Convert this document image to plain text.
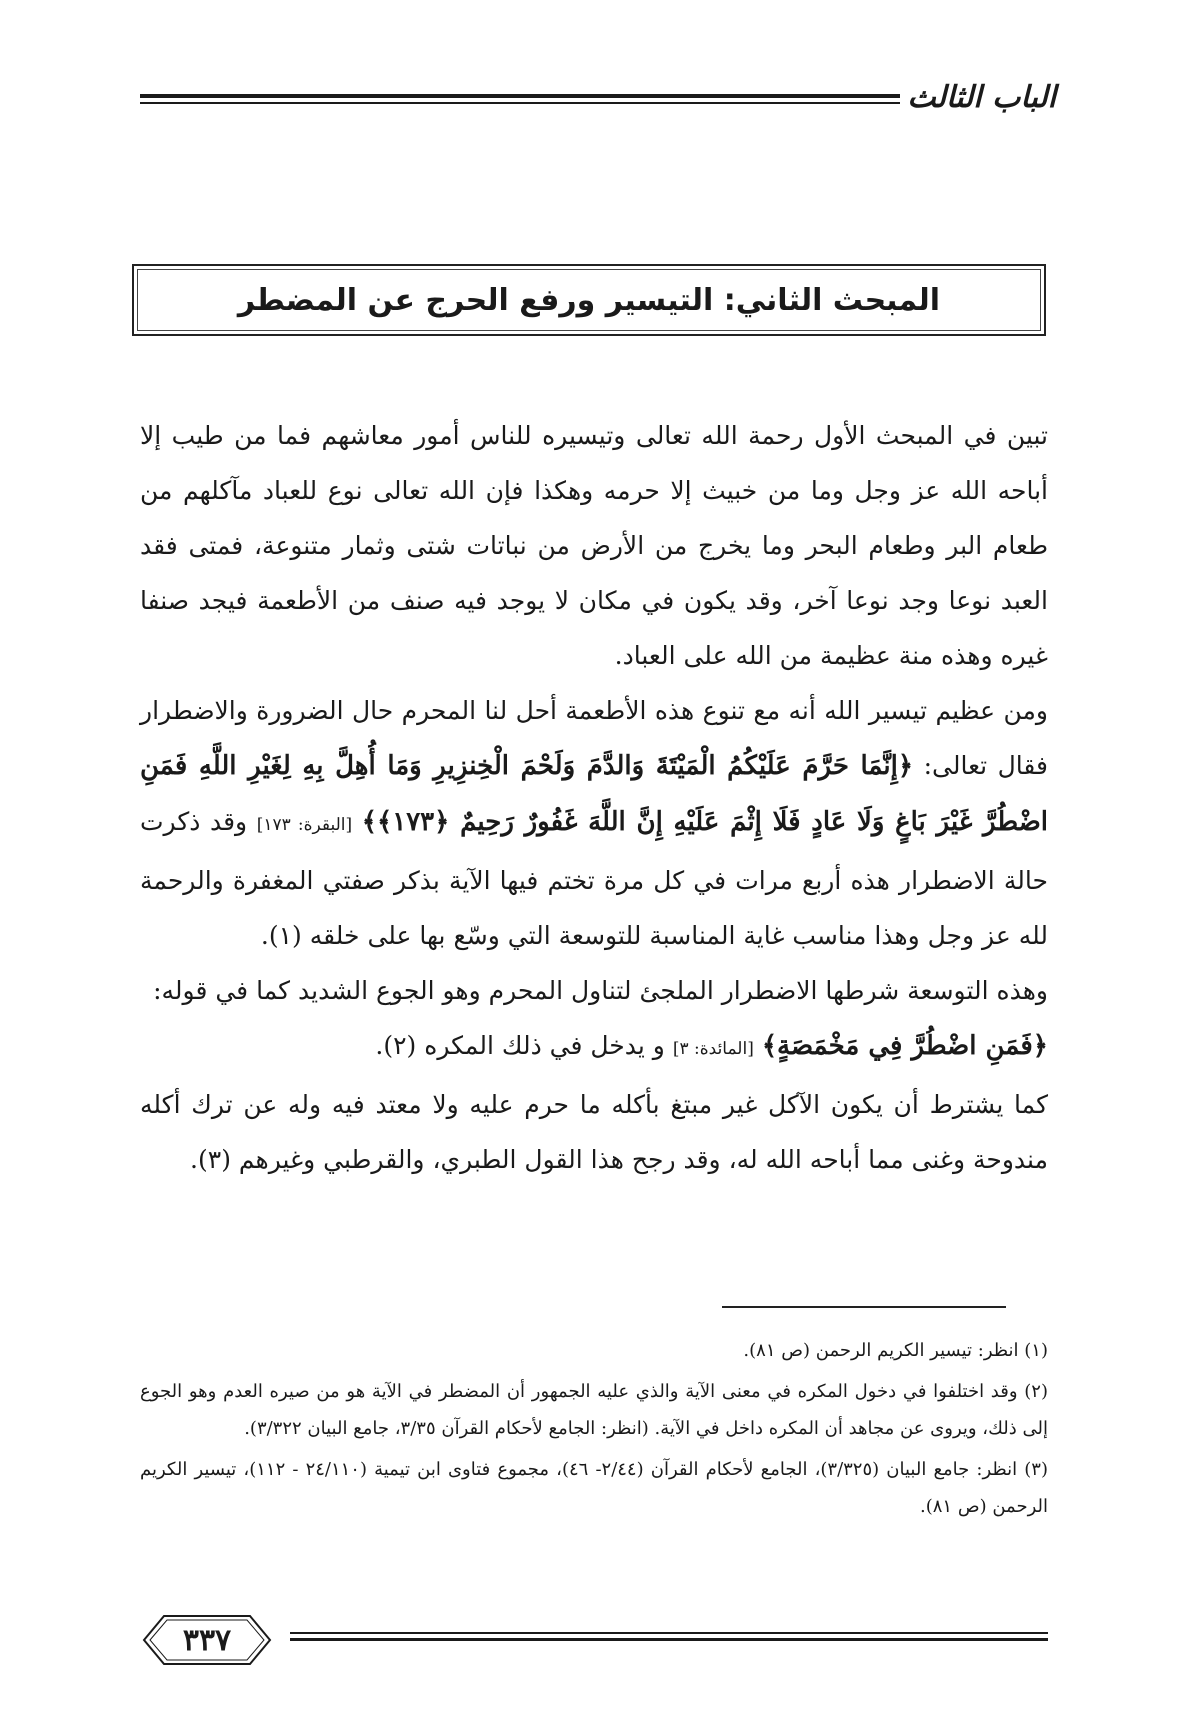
الباب الثالث
المبحث الثاني: التيسير ورفع الحرج عن المضطر

تبين في المبحث الأول رحمة الله تعالى وتيسيره للناس أمور معاشهم فما من طيب إلا أباحه الله عز وجل وما من خبيث إلا حرمه وهكذا فإن الله تعالى نوع للعباد مآكلهم من طعام البر وطعام البحر وما يخرج من الأرض من نباتات شتى وثمار متنوعة، فمتى فقد العبد نوعا وجد نوعا آخر، وقد يكون في مكان لا يوجد فيه صنف من الأطعمة فيجد صنفا غيره وهذه منة عظيمة من الله على العباد.

ومن عظيم تيسير الله أنه مع تنوع هذه الأطعمة أحل لنا المحرم حال الضرورة والاضطرار فقال تعالى: ﴿إِنَّمَا حَرَّمَ عَلَيْكُمُ الْمَيْتَةَ وَالدَّمَ وَلَحْمَ الْخِنزِيرِ وَمَا أُهِلَّ بِهِ لِغَيْرِ اللَّهِ فَمَنِ اضْطُرَّ غَيْرَ بَاغٍ وَلَا عَادٍ فَلَا إِثْمَ عَلَيْهِ إِنَّ اللَّهَ غَفُورٌ رَحِيمٌ ﴿١٧٣﴾﴾ [البقرة: ١٧٣] وقد ذكرت حالة الاضطرار هذه أربع مرات في كل مرة تختم فيها الآية بذكر صفتي المغفرة والرحمة لله عز وجل وهذا مناسب غاية المناسبة للتوسعة التي وسّع بها على خلقه (١).

وهذه التوسعة شرطها الاضطرار الملجئ لتناول المحرم وهو الجوع الشديد كما في قوله:
﴿فَمَنِ اضْطُرَّ فِي مَخْمَصَةٍ﴾ [المائدة: ٣] و يدخل في ذلك المكره (٢).

كما يشترط أن يكون الآكل غير مبتغ بأكله ما حرم عليه ولا معتد فيه وله عن ترك أكله مندوحة وغنى مما أباحه الله له، وقد رجح هذا القول الطبري، والقرطبي وغيرهم (٣).

(١) انظر: تيسير الكريم الرحمن (ص ٨١).

(٢) وقد اختلفوا في دخول المكره في معنى الآية والذي عليه الجمهور أن المضطر في الآية هو من صيره العدم وهو الجوع إلى ذلك، ويروى عن مجاهد أن المكره داخل في الآية. (انظر: الجامع لأحكام القرآن ٣/٣٥، جامع البيان ٣/٣٢٢).

(٣) انظر: جامع البيان (٣/٣٢٥)، الجامع لأحكام القرآن (٢/٤٤- ٤٦)، مجموع فتاوى ابن تيمية (٢٤/١١٠ - ١١٢)، تيسير الكريم الرحمن (ص ٨١).

٣٣٧
